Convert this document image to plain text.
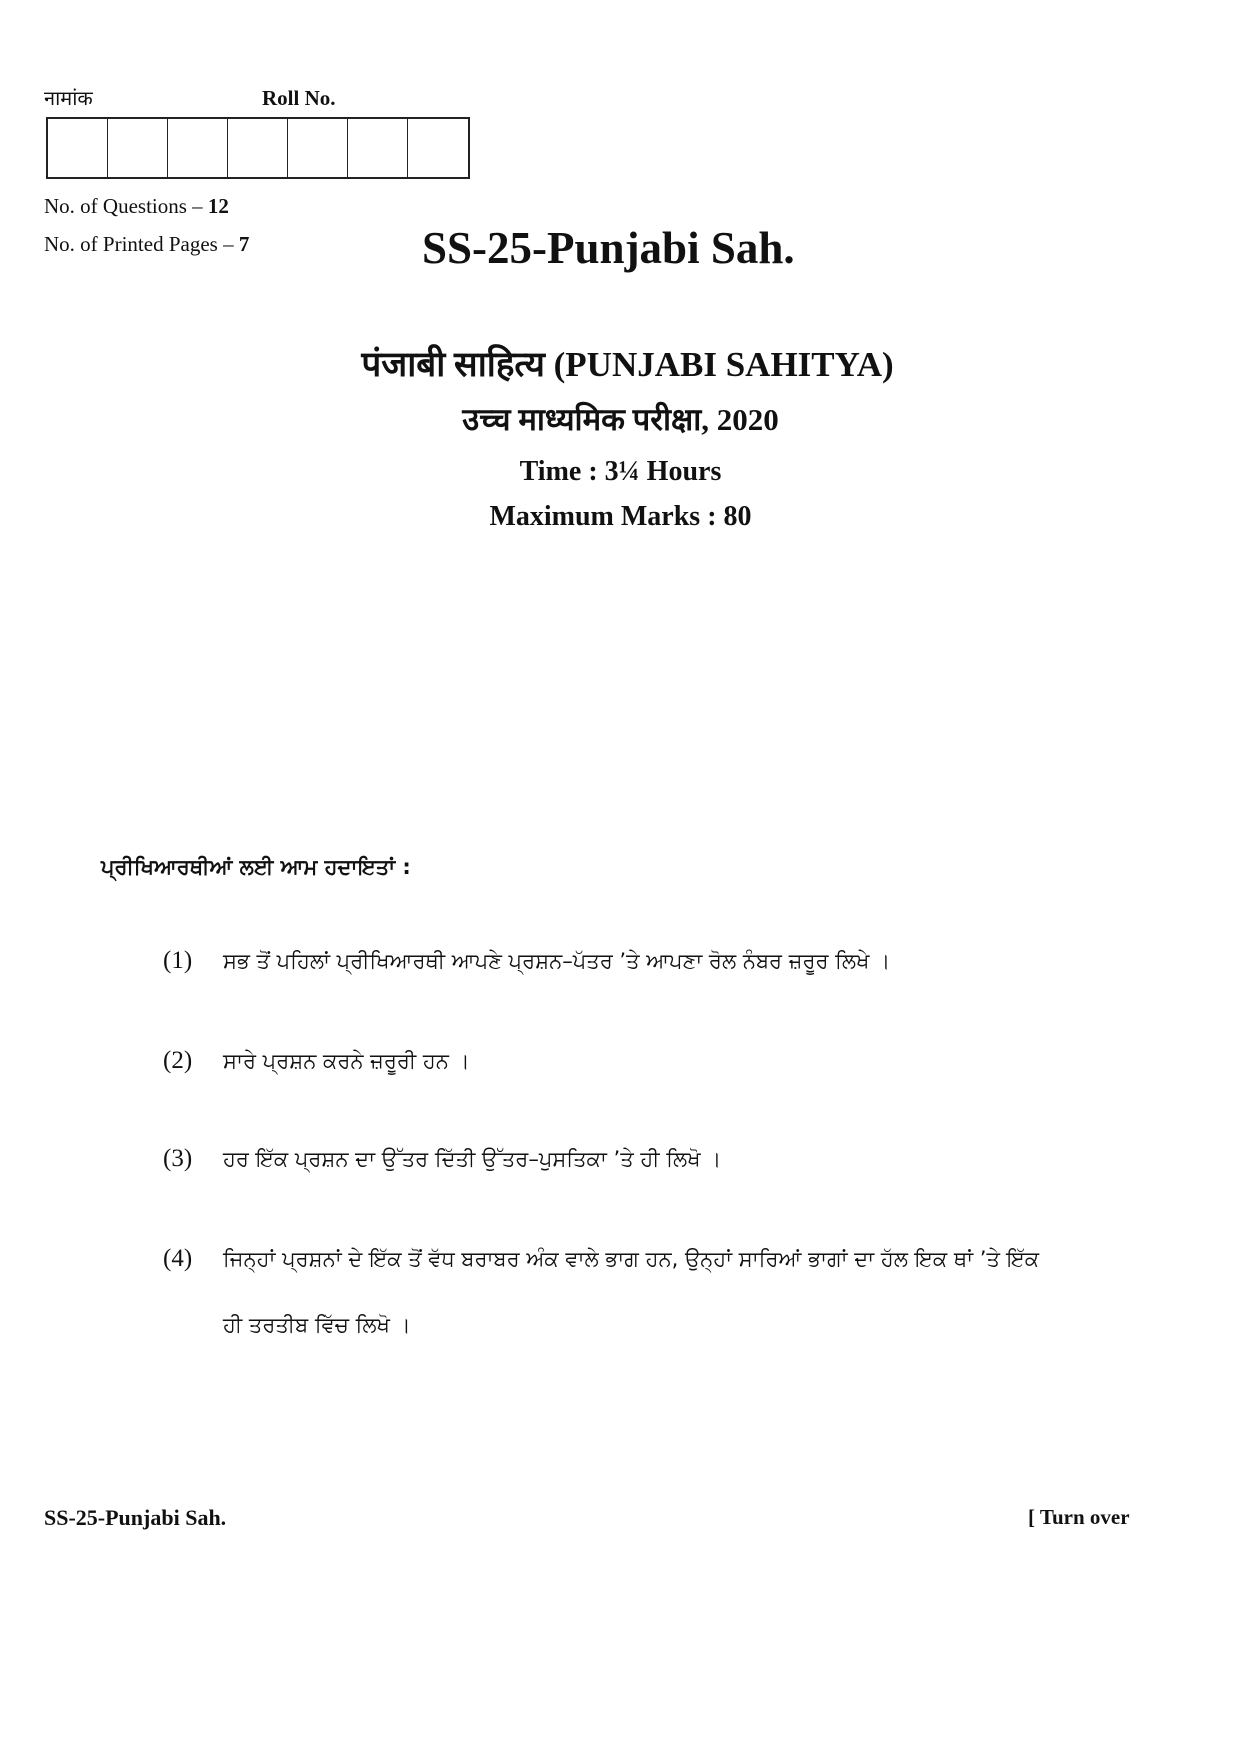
नामांक	Roll No.
No. of Questions – 12
No. of Printed Pages – 7	SS-25-Punjabi Sah.
पंजाबी साहित्य (PUNJABI SAHITYA)
उच्च माध्यमिक परीक्षा, 2020
Time : 3¼ Hours
Maximum Marks : 80
ਪ੍ਰੀਖਿਆਰਥੀਆਂ ਲਈ ਆਮ ਹਦਾਇਤਾਂ :
(1)	ਸਭ ਤੋਂ ਪਹਿਲਾਂ ਪ੍ਰੀਖਿਆਰਥੀ ਆਪਣੇ ਪ੍ਰਸ਼ਨ–ਪੱਤਰ ’ਤੇ ਆਪਣਾ ਰੋਲ ਨੰਬਰ ਜ਼ਰੂਰ ਲਿਖੇ ।
(2)	ਸਾਰੇ ਪ੍ਰਸ਼ਨ ਕਰਨੇ ਜ਼ਰੂਰੀ ਹਨ ।
(3)	ਹਰ ਇੱਕ ਪ੍ਰਸ਼ਨ ਦਾ ਉੱਤਰ ਦਿੱਤੀ ਉੱਤਰ–ਪੁਸਤਿਕਾ ’ਤੇ ਹੀ ਲਿਖੋ ।
(4)	ਜਿਨ੍ਹਾਂ ਪ੍ਰਸ਼ਨਾਂ ਦੇ ਇੱਕ ਤੋਂ ਵੱਧ ਬਰਾਬਰ ਅੰਕ ਵਾਲੇ ਭਾਗ ਹਨ, ਉਨ੍ਹਾਂ ਸਾਰਿਆਂ ਭਾਗਾਂ ਦਾ ਹੱਲ ਇਕ ਥਾਂ ’ਤੇ ਇੱਕ ਹੀ ਤਰਤੀਬ ਵਿੱਚ ਲਿਖੋ ।
SS-25-Punjabi Sah.	[ Turn over
